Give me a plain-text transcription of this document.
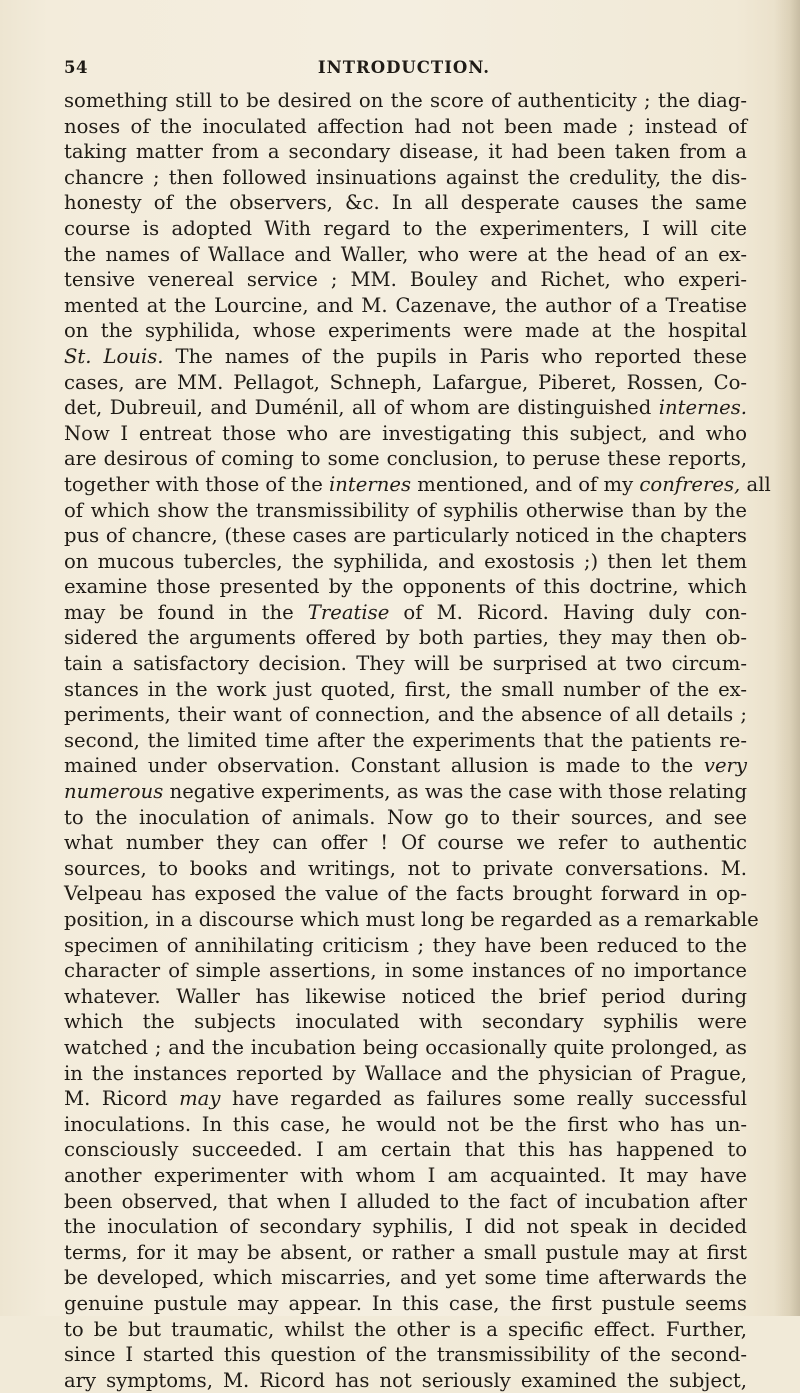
54	INTRODUCTION.
something still to be desired on the score of authenticity ; the diag-
noses of the inoculated affection had not been made ; instead of
taking matter from a secondary disease, it had been taken from a
chancre ; then followed insinuations against the credulity, the dis-
honesty of the observers, &c. In all desperate causes the same
course is adopted With regard to the experimenters, I will cite
the names of Wallace and Waller, who were at the head of an ex-
tensive venereal service ; MM. Bouley and Richet, who experi-
mented at the Lourcine, and M. Cazenave, the author of a Treatise
on the syphilida, whose experiments were made at the hospital
St. Louis. The names of the pupils in Paris who reported these
cases, are MM. Pellagot, Schneph, Lafargue, Piberet, Rossen, Co-
det, Dubreuil, and Duménil, all of whom are distinguished internes.
Now I entreat those who are investigating this subject, and who
are desirous of coming to some conclusion, to peruse these reports,
together with those of the internes mentioned, and of my confreres, all
of which show the transmissibility of syphilis otherwise than by the
pus of chancre, (these cases are particularly noticed in the chapters
on mucous tubercles, the syphilida, and exostosis ;) then let them
examine those presented by the opponents of this doctrine, which
may be found in the Treatise of M. Ricord. Having duly con-
sidered the arguments offered by both parties, they may then ob-
tain a satisfactory decision. They will be surprised at two circum-
stances in the work just quoted, first, the small number of the ex-
periments, their want of connection, and the absence of all details ;
second, the limited time after the experiments that the patients re-
mained under observation. Constant allusion is made to the very
numerous negative experiments, as was the case with those relating
to the inoculation of animals. Now go to their sources, and see
what number they can offer ! Of course we refer to authentic
sources, to books and writings, not to private conversations. M.
Velpeau has exposed the value of the facts brought forward in op-
position, in a discourse which must long be regarded as a remarkable
specimen of annihilating criticism ; they have been reduced to the
character of simple assertions, in some instances of no importance
whatever. Waller has likewise noticed the brief period during
which the subjects inoculated with secondary syphilis were
watched ; and the incubation being occasionally quite prolonged, as
in the instances reported by Wallace and the physician of Prague,
M. Ricord may have regarded as failures some really successful
inoculations. In this case, he would not be the first who has un-
consciously succeeded. I am certain that this has happened to
another experimenter with whom I am acquainted. It may have
been observed, that when I alluded to the fact of incubation after
the inoculation of secondary syphilis, I did not speak in decided
terms, for it may be absent, or rather a small pustule may at first
be developed, which miscarries, and yet some time afterwards the
genuine pustule may appear. In this case, the first pustule seems
to be but traumatic, whilst the other is a specific effect. Further,
since I started this question of the transmissibility of the second-
ary symptoms, M. Ricord has not seriously examined the subject,
